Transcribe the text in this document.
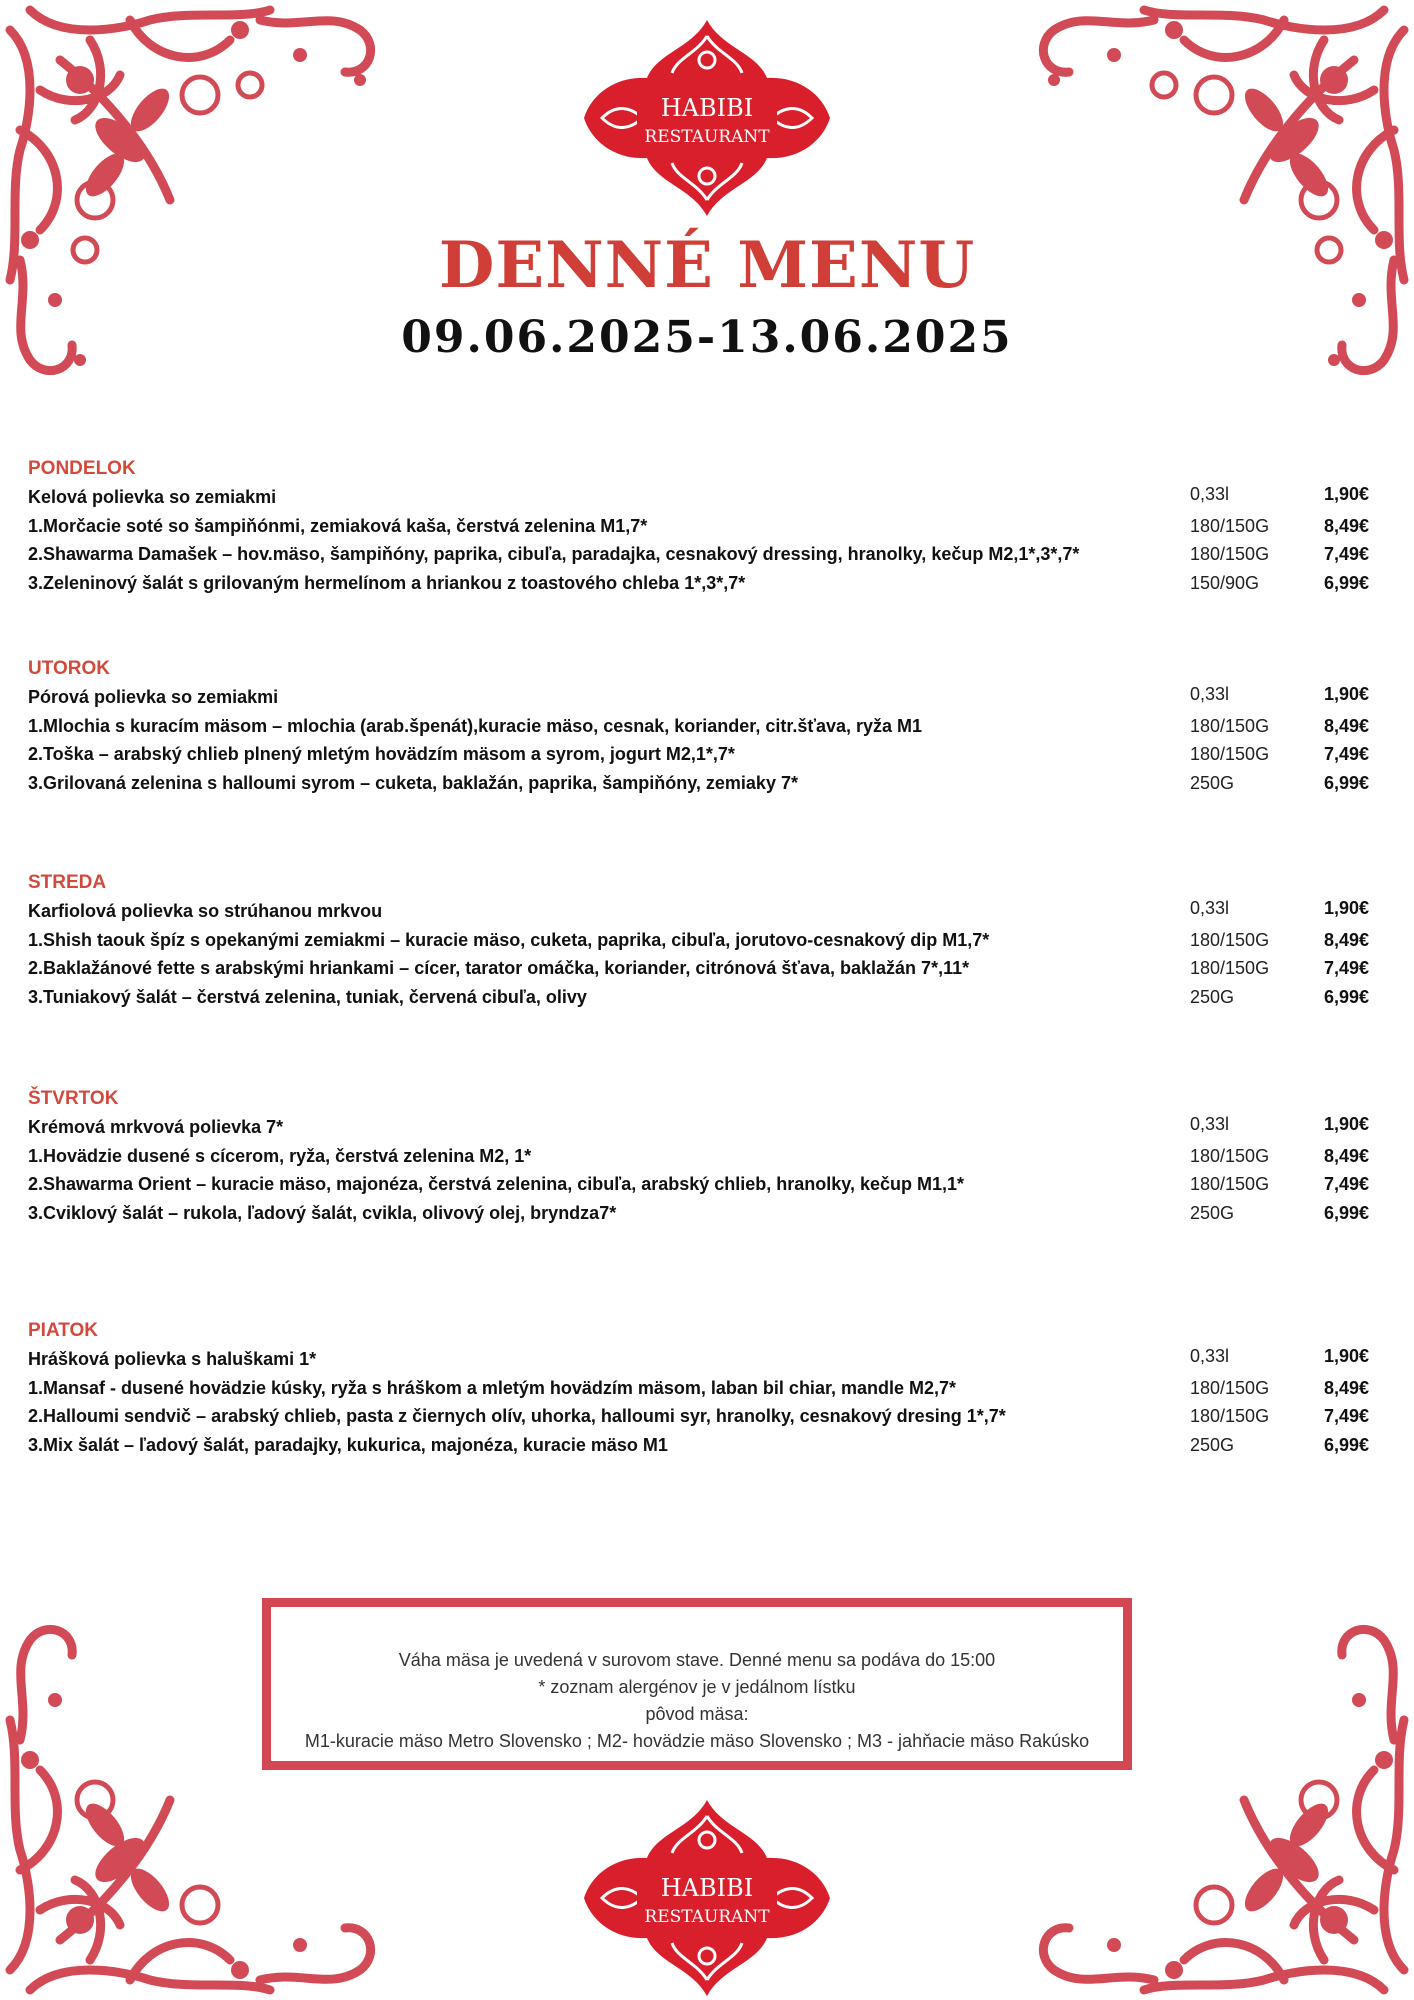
HABIBI
RESTAURANT
DENNÉ MENU
09.06.2025-13.06.2025
PONDELOK
Kelová polievka so zemiakmi	0,33l	1,90€
1.Morčacie soté so šampiňónmi, zemiaková kaša, čerstvá zelenina M1,7*	180/150G	8,49€
2.Shawarma Damašek – hov.mäso, šampiňóny, paprika, cibuľa, paradajka, cesnakový dressing, hranolky, kečup M2,1*,3*,7*	180/150G	7,49€
3.Zeleninový šalát s grilovaným hermelínom a hriankou z toastového chleba 1*,3*,7*	150/90G	6,99€
UTOROK
Pórová polievka so zemiakmi	0,33l	1,90€
1.Mlochia s kuracím mäsom – mlochia (arab.špenát),kuracie mäso, cesnak, koriander, citr.šťava, ryža M1	180/150G	8,49€
2.Toška – arabský chlieb plnený mletým hovädzím mäsom a syrom, jogurt M2,1*,7*	180/150G	7,49€
3.Grilovaná zelenina s halloumi syrom – cuketa, baklažán, paprika, šampiňóny, zemiaky 7*	250G	6,99€
STREDA
Karfiolová polievka so strúhanou mrkvou	0,33l	1,90€
1.Shish taouk špíz s opekanými zemiakmi – kuracie mäso, cuketa, paprika, cibuľa, jorutovo-cesnakový dip M1,7*	180/150G	8,49€
2.Baklažánové fette s arabskými hriankami – cícer, tarator omáčka, koriander, citrónová šťava, baklažán 7*,11*	180/150G	7,49€
3.Tuniakový šalát – čerstvá zelenina, tuniak, červená cibuľa, olivy	250G	6,99€
ŠTVRTOK
Krémová mrkvová polievka 7*	0,33l	1,90€
1.Hovädzie dusené s cícerom, ryža, čerstvá zelenina M2, 1*	180/150G	8,49€
2.Shawarma Orient – kuracie mäso, majonéza, čerstvá zelenina, cibuľa, arabský chlieb, hranolky, kečup M1,1*	180/150G	7,49€
3.Cviklový šalát – rukola, ľadový šalát, cvikla, olivový olej, bryndza7*	250G	6,99€
PIATOK
Hrášková polievka s haluškami 1*	0,33l	1,90€
1.Mansaf - dusené hovädzie kúsky, ryža s hráškom a mletým hovädzím mäsom, laban bil chiar, mandle M2,7*	180/150G	8,49€
2.Halloumi sendvič – arabský chlieb, pasta z čiernych olív, uhorka, halloumi syr, hranolky, cesnakový dresing 1*,7*	180/150G	7,49€
3.Mix šalát – ľadový šalát, paradajky, kukurica, majonéza, kuracie mäso M1	250G	6,99€
Váha mäsa je uvedená v surovom stave. Denné menu sa podáva do 15:00
* zoznam alergénov je v jedálnom lístku
pôvod mäsa:
M1-kuracie mäso Metro Slovensko ; M2- hovädzie mäso Slovensko ; M3 - jahňacie mäso Rakúsko
HABIBI
RESTAURANT
